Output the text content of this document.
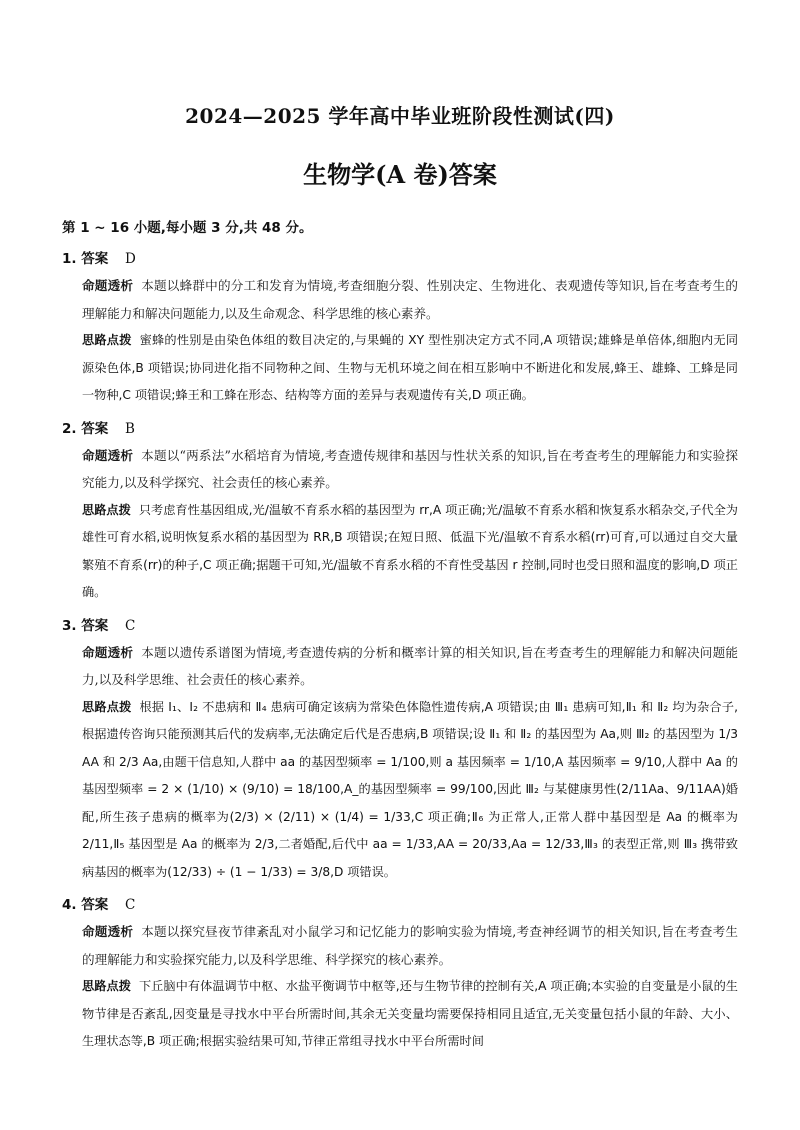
2024—2025 学年高中毕业班阶段性测试(四)
生物学(A 卷)答案
第 1 ~ 16 小题,每小题 3 分,共 48 分。
1. 答案 D
命题透析 本题以蜂群中的分工和发育为情境,考查细胞分裂、性别决定、生物进化、表观遗传等知识,旨在考查考生的理解能力和解决问题能力,以及生命观念、科学思维的核心素养。
思路点拨 蜜蜂的性别是由染色体组的数目决定的,与果蝇的 XY 型性别决定方式不同,A 项错误;雄蜂是单倍体,细胞内无同源染色体,B 项错误;协同进化指不同物种之间、生物与无机环境之间在相互影响中不断进化和发展,蜂王、雄蜂、工蜂是同一物种,C 项错误;蜂王和工蜂在形态、结构等方面的差异与表观遗传有关,D 项正确。
2. 答案 B
命题透析 本题以“两系法”水稻培育为情境,考查遗传规律和基因与性状关系的知识,旨在考查考生的理解能力和实验探究能力,以及科学探究、社会责任的核心素养。
思路点拨 只考虑育性基因组成,光/温敏不育系水稻的基因型为 rr,A 项正确;光/温敏不育系水稻和恢复系水稻杂交,子代全为雄性可育水稻,说明恢复系水稻的基因型为 RR,B 项错误;在短日照、低温下光/温敏不育系水稻(rr)可育,可以通过自交大量繁殖不育系(rr)的种子,C 项正确;据题干可知,光/温敏不育系水稻的不育性受基因 r 控制,同时也受日照和温度的影响,D 项正确。
3. 答案 C
命题透析 本题以遗传系谱图为情境,考查遗传病的分析和概率计算的相关知识,旨在考查考生的理解能力和解决问题能力,以及科学思维、社会责任的核心素养。
思路点拨 根据 Ⅰ₁、Ⅰ₂ 不患病和 Ⅱ₄ 患病可确定该病为常染色体隐性遗传病,A 项错误;由 Ⅲ₁ 患病可知,Ⅱ₁ 和 Ⅱ₂ 均为杂合子,根据遗传咨询只能预测其后代的发病率,无法确定后代是否患病,B 项错误;设 Ⅱ₁ 和 Ⅱ₂ 的基因型为 Aa,则 Ⅲ₂ 的基因型为 1/3 AA 和 2/3 Aa,由题干信息知,人群中 aa 的基因型频率 = 1/100,则 a 基因频率 = 1/10,A 基因频率 = 9/10,人群中 Aa 的基因型频率 = 2 × (1/10) × (9/10) = 18/100,A_的基因型频率 = 99/100,因此 Ⅲ₂ 与某健康男性(2/11Aa、9/11AA)婚配,所生孩子患病的概率为(2/3) × (2/11) × (1/4) = 1/33,C 项正确;Ⅱ₆ 为正常人,正常人群中基因型是 Aa 的概率为 2/11,Ⅱ₅ 基因型是 Aa 的概率为 2/3,二者婚配,后代中 aa = 1/33,AA = 20/33,Aa = 12/33,Ⅲ₃ 的表型正常,则 Ⅲ₃ 携带致病基因的概率为(12/33) ÷ (1 − 1/33) = 3/8,D 项错误。
4. 答案 C
命题透析 本题以探究昼夜节律紊乱对小鼠学习和记忆能力的影响实验为情境,考查神经调节的相关知识,旨在考查考生的理解能力和实验探究能力,以及科学思维、科学探究的核心素养。
思路点拨 下丘脑中有体温调节中枢、水盐平衡调节中枢等,还与生物节律的控制有关,A 项正确;本实验的自变量是小鼠的生物节律是否紊乱,因变量是寻找水中平台所需时间,其余无关变量均需要保持相同且适宜,无关变量包括小鼠的年龄、大小、生理状态等,B 项正确;根据实验结果可知,节律正常组寻找水中平台所需时间
